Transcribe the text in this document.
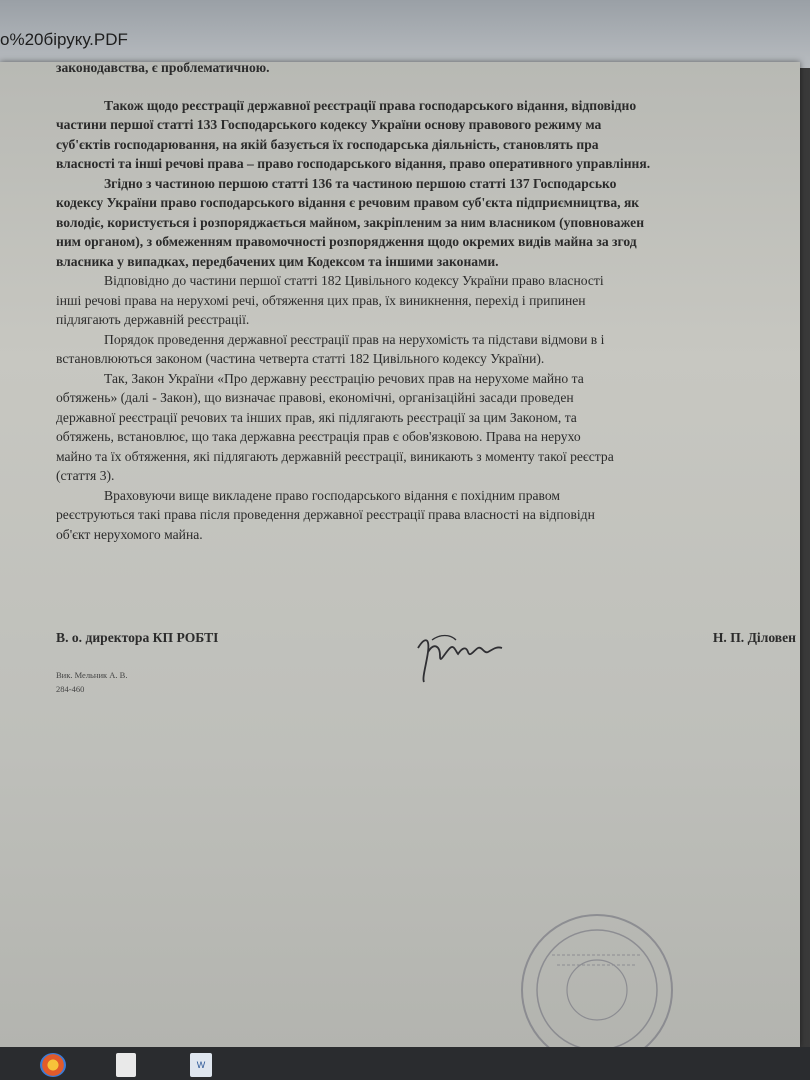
o%20біруку.PDF
законодавства, є проблематичною.
Також щодо реєстрації державної реєстрації права господарського відання, відповідно
частини першої статті 133 Господарського кодексу України основу правового режиму ма
суб'єктів господарювання, на якій базується їх господарська діяльність, становлять пра
власності та інші речові права – право господарського відання, право оперативного управління.
Згідно з частиною першою статті 136 та частиною першою статті 137 Господарсько
кодексу України право господарського відання є речовим правом суб'єкта підприємництва, як
володіє, користується і розпоряджається майном, закріпленим за ним власником (уповноважен
ним органом), з обмеженням правомочності розпорядження щодо окремих видів майна за згод
власника у випадках, передбачених цим Кодексом та іншими законами.
Відповідно до частини першої статті 182 Цивільного кодексу України право власності
інші речові права на нерухомі речі, обтяження цих прав, їх виникнення, перехід і припинен
підлягають державній реєстрації.
Порядок проведення державної реєстрації прав на нерухомість та підстави відмови в і
встановлюються законом (частина четверта статті 182 Цивільного кодексу України).
Так, Закон України «Про державну реєстрацію речових прав на нерухоме майно та
обтяжень» (далі - Закон), що визначає правові, економічні, організаційні засади проведен
державної реєстрації речових та інших прав, які підлягають реєстрації за цим Законом, та
обтяжень, встановлює, що така державна реєстрація прав є обов'язковою. Права на нерухо
майно та їх обтяження, які підлягають державній реєстрації, виникають з моменту такої реєстра
(стаття 3).
Враховуючи вище викладене право господарського відання є похідним правом
реєструються такі права після проведення державної реєстрації права власності на відповідн
об'єкт нерухомого майна.
В. о. директора КП РОБТІ	Н. П. Діловен
Вик. Мельник А. В.
284-460
W
